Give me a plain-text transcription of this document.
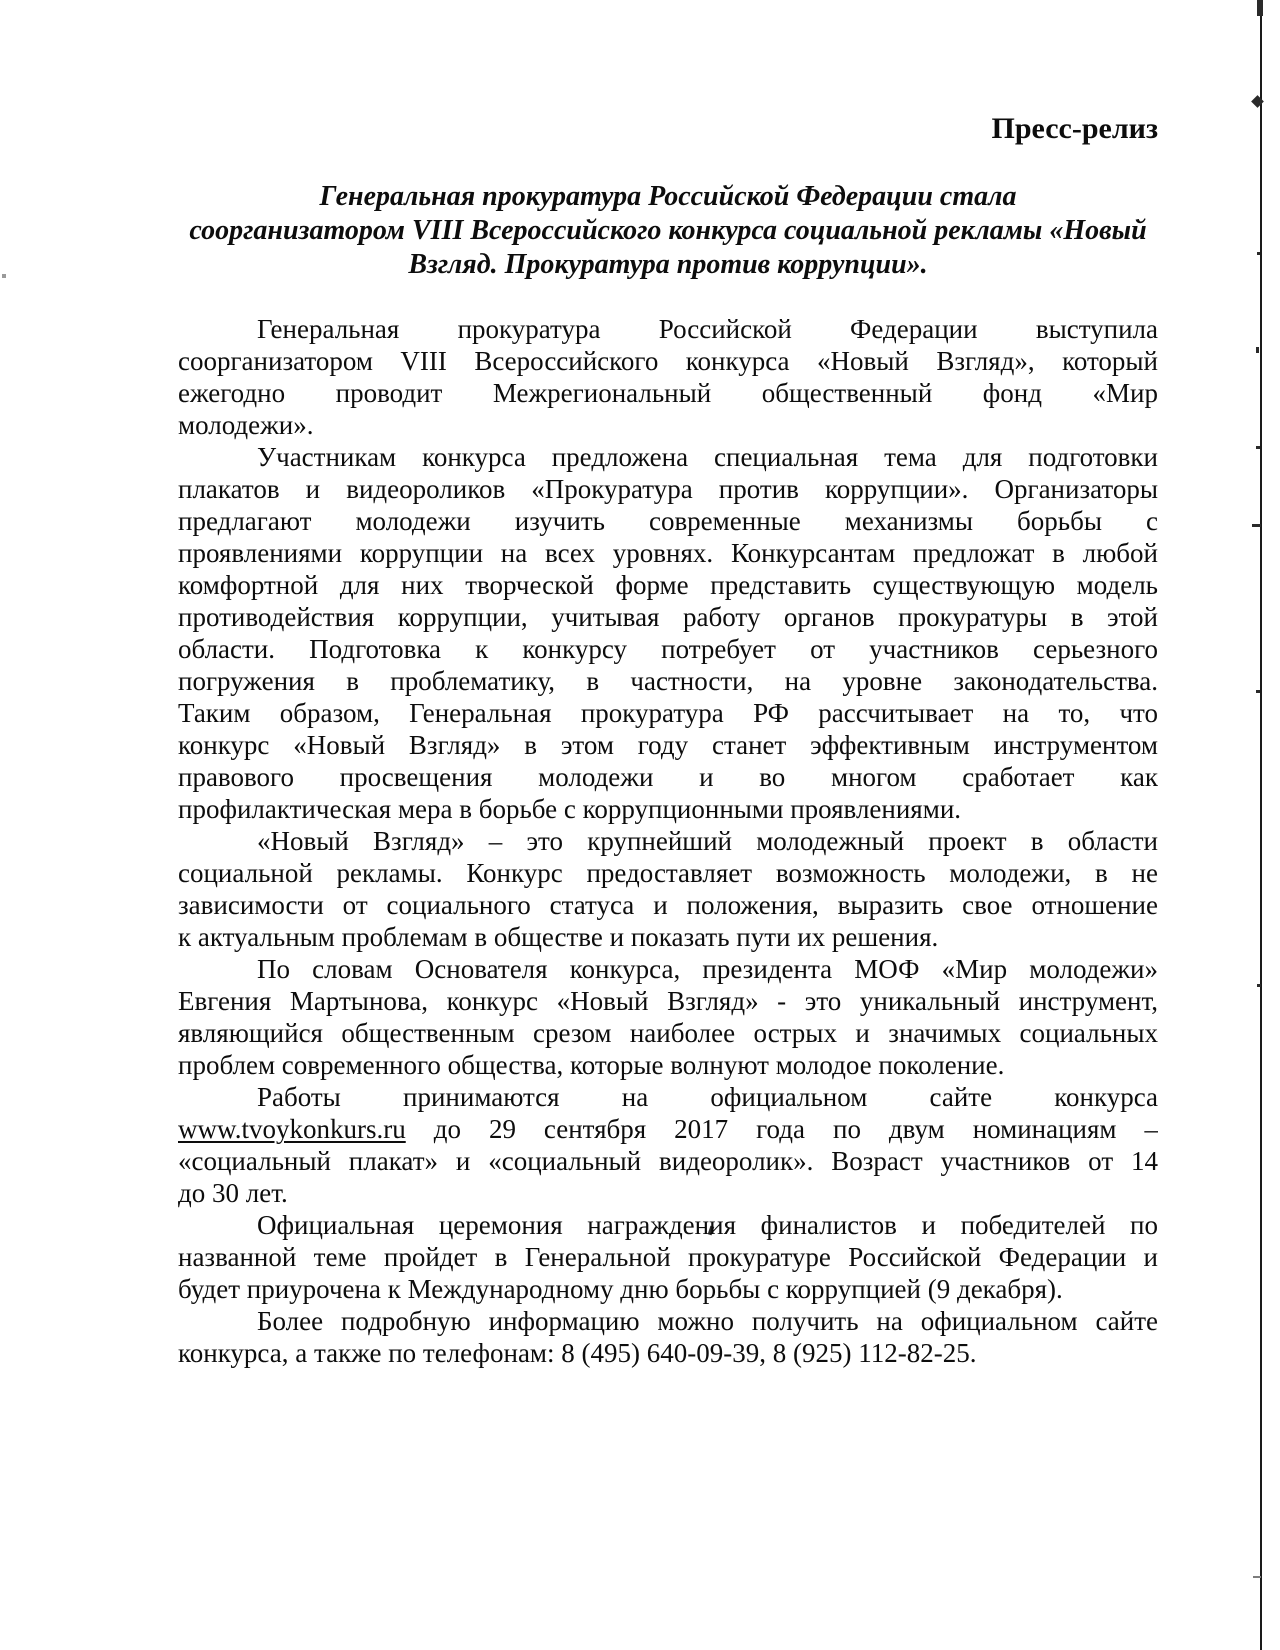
Пресс-релиз
Генеральная прокуратура Российской Федерации стала
соорганизатором VIII Всероссийского конкурса социальной рекламы «Новый
Взгляд. Прокуратура против коррупции».
Генеральная прокуратура Российской Федерации выступила
соорганизатором VIII Всероссийского конкурса «Новый Взгляд», который
ежегодно проводит Межрегиональный общественный фонд «Мир
молодежи».
Участникам конкурса предложена специальная тема для подготовки
плакатов и видеороликов «Прокуратура против коррупции». Организаторы
предлагают молодежи изучить современные механизмы борьбы с
проявлениями коррупции на всех уровнях. Конкурсантам предложат в любой
комфортной для них творческой форме представить существующую модель
противодействия коррупции, учитывая работу органов прокуратуры в этой
области. Подготовка к конкурсу потребует от участников серьезного
погружения в проблематику, в частности, на уровне законодательства.
Таким образом, Генеральная прокуратура РФ рассчитывает на то, что
конкурс «Новый Взгляд» в этом году станет эффективным инструментом
правового просвещения молодежи и во многом сработает как
профилактическая мера в борьбе с коррупционными проявлениями.
«Новый Взгляд» – это крупнейший молодежный проект в области
социальной рекламы. Конкурс предоставляет возможность молодежи, в не
зависимости от социального статуса и положения, выразить свое отношение
к актуальным проблемам в обществе и показать пути их решения.
По словам Основателя конкурса, президента МОФ «Мир молодежи»
Евгения Мартынова, конкурс «Новый Взгляд» - это уникальный инструмент,
являющийся общественным срезом наиболее острых и значимых социальных
проблем современного общества, которые волнуют молодое поколение.
Работы принимаются на официальном сайте конкурса
www.tvoykonkurs.ru до 29 сентября 2017 года по двум номинациям –
«социальный плакат» и «социальный видеоролик». Возраст участников от 14
до 30 лет.
Официальная церемония награждения финалистов и победителей по
названной теме пройдет в Генеральной прокуратуре Российской Федерации и
будет приурочена к Международному дню борьбы с коррупцией (9 декабря).
Более подробную информацию можно получить на официальном сайте
конкурса, а также по телефонам: 8 (495) 640-09-39, 8 (925) 112-82-25.
